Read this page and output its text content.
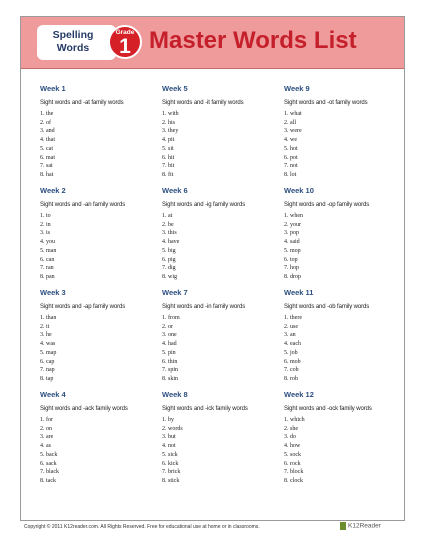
Spelling
Words
Grade
1 Master Words List
Week 1
Sight words and -at family words
1. the
2. of
3. and
4. that
5. cat
6. mat
7. sat
8. hat
Week 5
Sight words and -it family words
1. with
2. his
3. they
4. pit
5. sit
6. hit
7. bit
8. fit
Week 9
Sight words and -ot family words
1. what
2. all
3. were
4. we
5. hot
6. pot
7. not
8. lot
Week 2
Sight words and -an family words
1. to
2. in
3. is
4. you
5. man
6. can
7. ran
8. pan
Week 6
Sight words and -ig family words
1. at
2. be
3. this
4. have
5. big
6. pig
7. dig
8. wig
Week 10
Sight words and -op family words
1. when
2. your
3. pop
4. said
5. mop
6. top
7. hop
8. drop
Week 3
Sight words and -ap family words
1. than
2. it
3. he
4. was
5. map
6. cap
7. nap
8. tap
Week 7
Sight words and -in family words
1. from
2. or
3. one
4. had
5. pin
6. thin
7. spin
8. skin
Week 11
Sight words and -ob family words
1. there
2. use
3. an
4. each
5. job
6. mob
7. cob
8. rob
Week 4
Sight words and -ack family words
1. for
2. on
3. are
4. as
5. back
6. sack
7. black
8. tack
Week 8
Sight words and -ick family words
1. by
2. words
3. but
4. not
5. sick
6. kick
7. brick
8. stick
Week 12
Sight words and -ock family words
1. which
2. she
3. do
4. how
5. sock
6. rock
7. block
8. clock
Copyright © 2011 K12reader.com. All Rights Reserved. Free for educational use at home or in classrooms.	K12Reader
